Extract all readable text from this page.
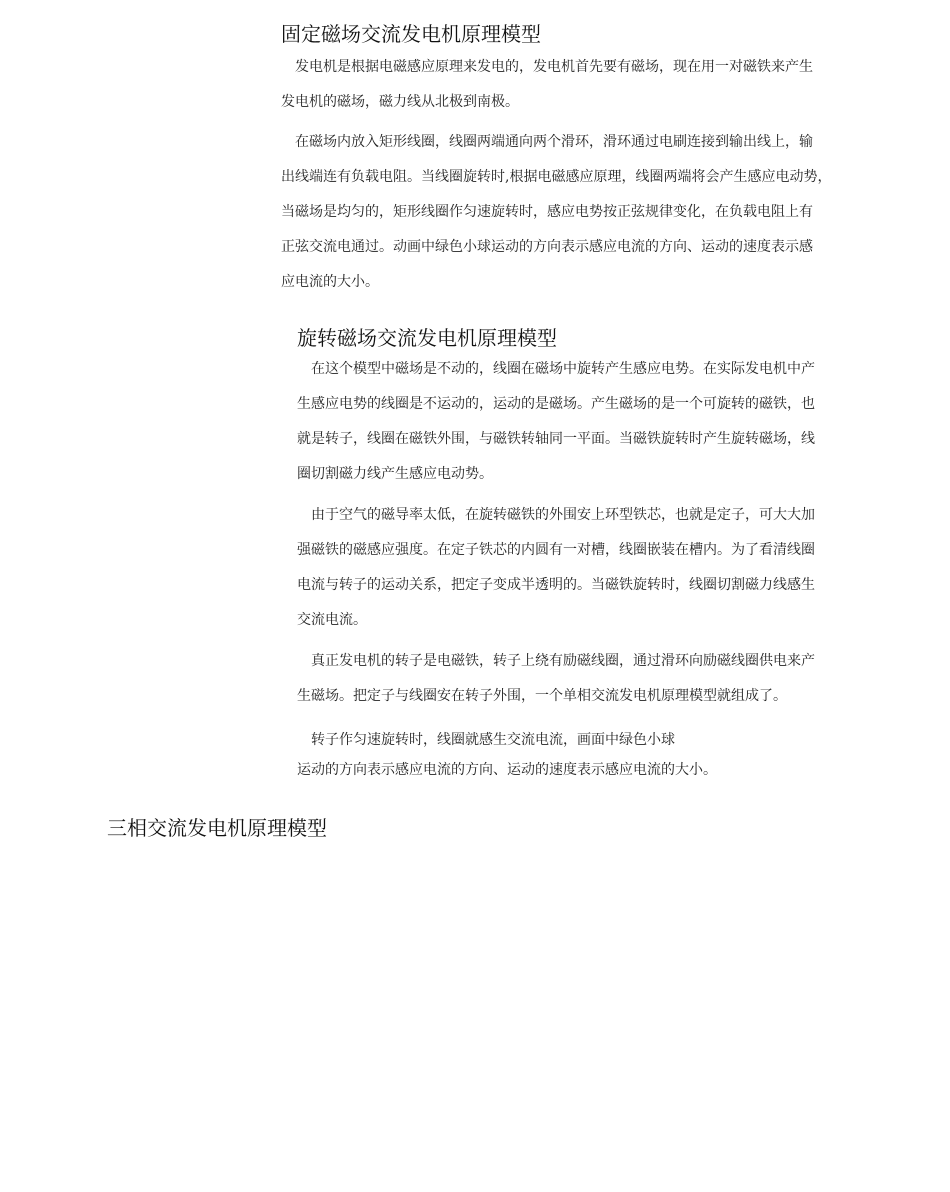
固定磁场交流发电机原理模型
　发电机是根据电磁感应原理来发电的，发电机首先要有磁场，现在用一对磁铁来产生
发电机的磁场，磁力线从北极到南极。
　在磁场内放入矩形线圈，线圈两端通向两个滑环，滑环通过电刷连接到输出线上，输
出线端连有负载电阻。当线圈旋转时,根据电磁感应原理，线圈两端将会产生感应电动势，
当磁场是均匀的，矩形线圈作匀速旋转时，感应电势按正弦规律变化，在负载电阻上有
正弦交流电通过。动画中绿色小球运动的方向表示感应电流的方向、运动的速度表示感
应电流的大小。
旋转磁场交流发电机原理模型
　在这个模型中磁场是不动的，线圈在磁场中旋转产生感应电势。在实际发电机中产
生感应电势的线圈是不运动的，运动的是磁场。产生磁场的是一个可旋转的磁铁，也
就是转子，线圈在磁铁外围，与磁铁转轴同一平面。当磁铁旋转时产生旋转磁场，线
圈切割磁力线产生感应电动势。
　由于空气的磁导率太低，在旋转磁铁的外围安上环型铁芯，也就是定子，可大大加
强磁铁的磁感应强度。在定子铁芯的内圆有一对槽，线圈嵌装在槽内。为了看清线圈
电流与转子的运动关系，把定子变成半透明的。当磁铁旋转时，线圈切割磁力线感生
交流电流。
　真正发电机的转子是电磁铁，转子上绕有励磁线圈，通过滑环向励磁线圈供电来产
生磁场。把定子与线圈安在转子外围，一个单相交流发电机原理模型就组成了。
　转子作匀速旋转时，线圈就感生交流电流，画面中绿色小球
运动的方向表示感应电流的方向、运动的速度表示感应电流的大小。
三相交流发电机原理模型
